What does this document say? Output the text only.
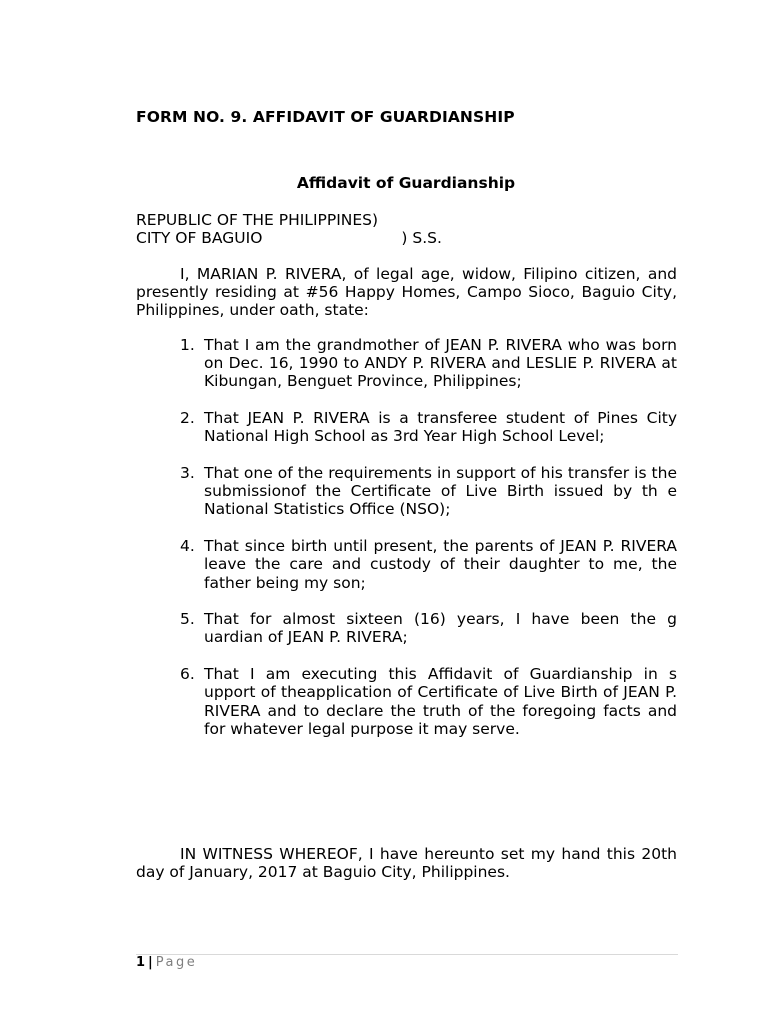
FORM NO. 9. AFFIDAVIT OF GUARDIANSHIP
Affidavit of Guardianship
REPUBLIC OF THE PHILIPPINES)
CITY OF BAGUIO	) S.S.

I, MARIAN P. RIVERA, of legal age, widow, Filipino citizen, and presently residing at #56 Happy Homes, Campo Sioco, Baguio City, Philippines, under oath, state:

1. That I am the grandmother of JEAN P. RIVERA who was born on Dec. 16, 1990 to ANDY P. RIVERA and LESLIE P. RIVERA at Kibungan, Benguet Province, Philippines;
2. That JEAN P. RIVERA is a transferee student of Pines City National High School as 3rd Year High School Level;
3. That one of the requirements in support of his transfer is the submissionof the Certificate of Live Birth issued by th e National Statistics Office (NSO);
4. That since birth until present, the parents of JEAN P. RIVERA leave the care and custody of their daughter to me, the father being my son;
5. That for almost sixteen (16) years, I have been the g uardian of JEAN P. RIVERA;
6. That I am executing this Affidavit of Guardianship in s upport of theapplication of Certificate of Live Birth of JEAN P. RIVERA and to declare the truth of the foregoing facts and for whatever legal purpose it may serve.

IN WITNESS WHEREOF, I have hereunto set my hand this 20th day of January, 2017 at Baguio City, Philippines.

1 | Page
